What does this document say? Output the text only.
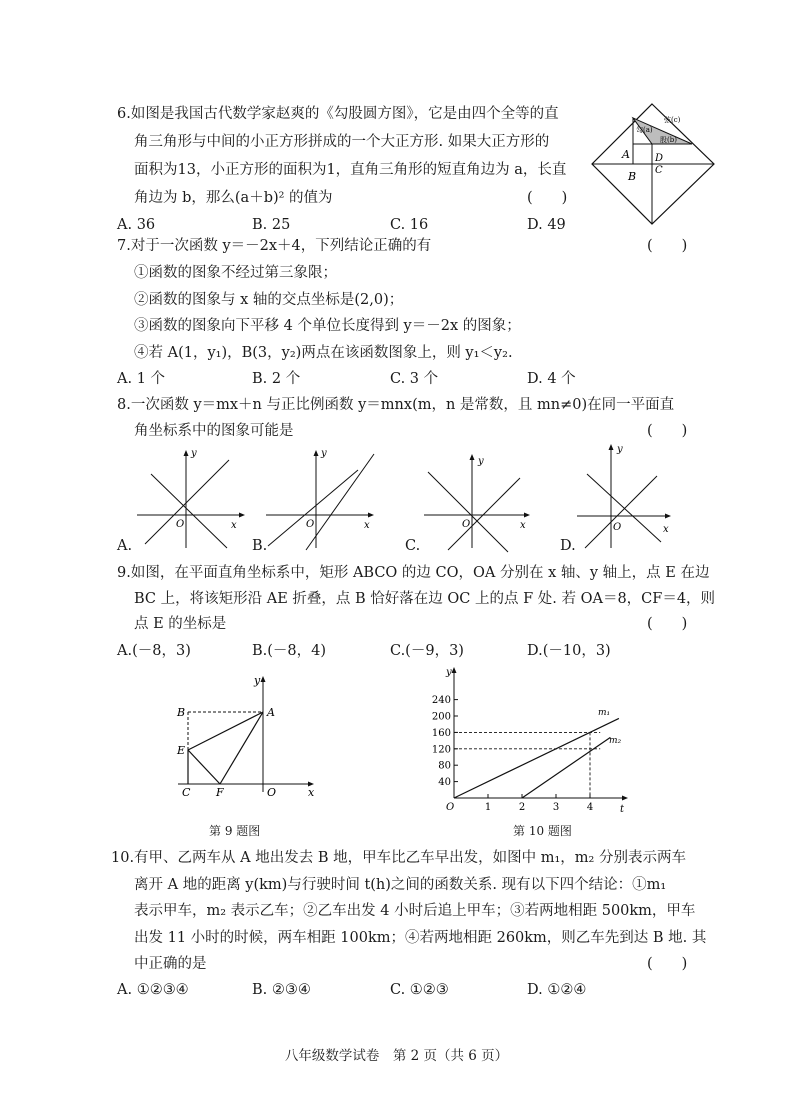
6.如图是我国古代数学家赵爽的《勾股圆方图》，它是由四个全等的直
角三角形与中间的小正方形拼成的一个大正方形. 如果大正方形的
面积为13，小正方形的面积为1，直角三角形的短直角边为 a，长直
角边为 b，那么(a＋b)² 的值为	(　　)
A. 36	B. 25	C. 16	D. 49
弦(c)
勾(a)
股(b)
A
B C
D
7.对于一次函数 y＝－2x＋4，下列结论正确的有	(　　)
①函数的图象不经过第三象限；
②函数的图象与 x 轴的交点坐标是(2,0)；
③函数的图象向下平移 4 个单位长度得到 y＝－2x 的图象；
④若 A(1，y₁)，B(3，y₂)两点在该函数图象上，则 y₁＜y₂.
A. 1 个	B. 2 个	C. 3 个	D. 4 个
8.一次函数 y＝mx＋n 与正比例函数 y＝mnx(m，n 是常数，且 mn≠0)在同一平面直
角坐标系中的图象可能是	(　　)
A.
y
x
O
B.
y
x
O
C.
y
x
O
D.
y
x
O
9.如图，在平面直角坐标系中，矩形 ABCO 的边 CO，OA 分别在 x 轴、y 轴上，点 E 在边
BC 上，将该矩形沿 AE 折叠，点 B 恰好落在边 OC 上的点 F 处. 若 OA＝8，CF＝4，则
点 E 的坐标是	(　　)
A.(－8，3)	B.(－8，4)	C.(－9，3)	D.(－10，3)
B	A
E
C F	O	x
y
第 9 题图
y
t
O
240
200
160
120
80
40
1	2	3	4
m₁
m₂
第 10 题图
10.有甲、乙两车从 A 地出发去 B 地，甲车比乙车早出发，如图中 m₁，m₂ 分别表示两车
离开 A 地的距离 y(km)与行驶时间 t(h)之间的函数关系. 现有以下四个结论：①m₁
表示甲车，m₂ 表示乙车；②乙车出发 4 小时后追上甲车；③若两地相距 500km，甲车
出发 11 小时的时候，两车相距 100km；④若两地相距 260km，则乙车先到达 B 地. 其
中正确的是	(　　)
A. ①②③④	B. ②③④	C. ①②③	D. ①②④
八年级数学试卷　第 2 页（共 6 页）
